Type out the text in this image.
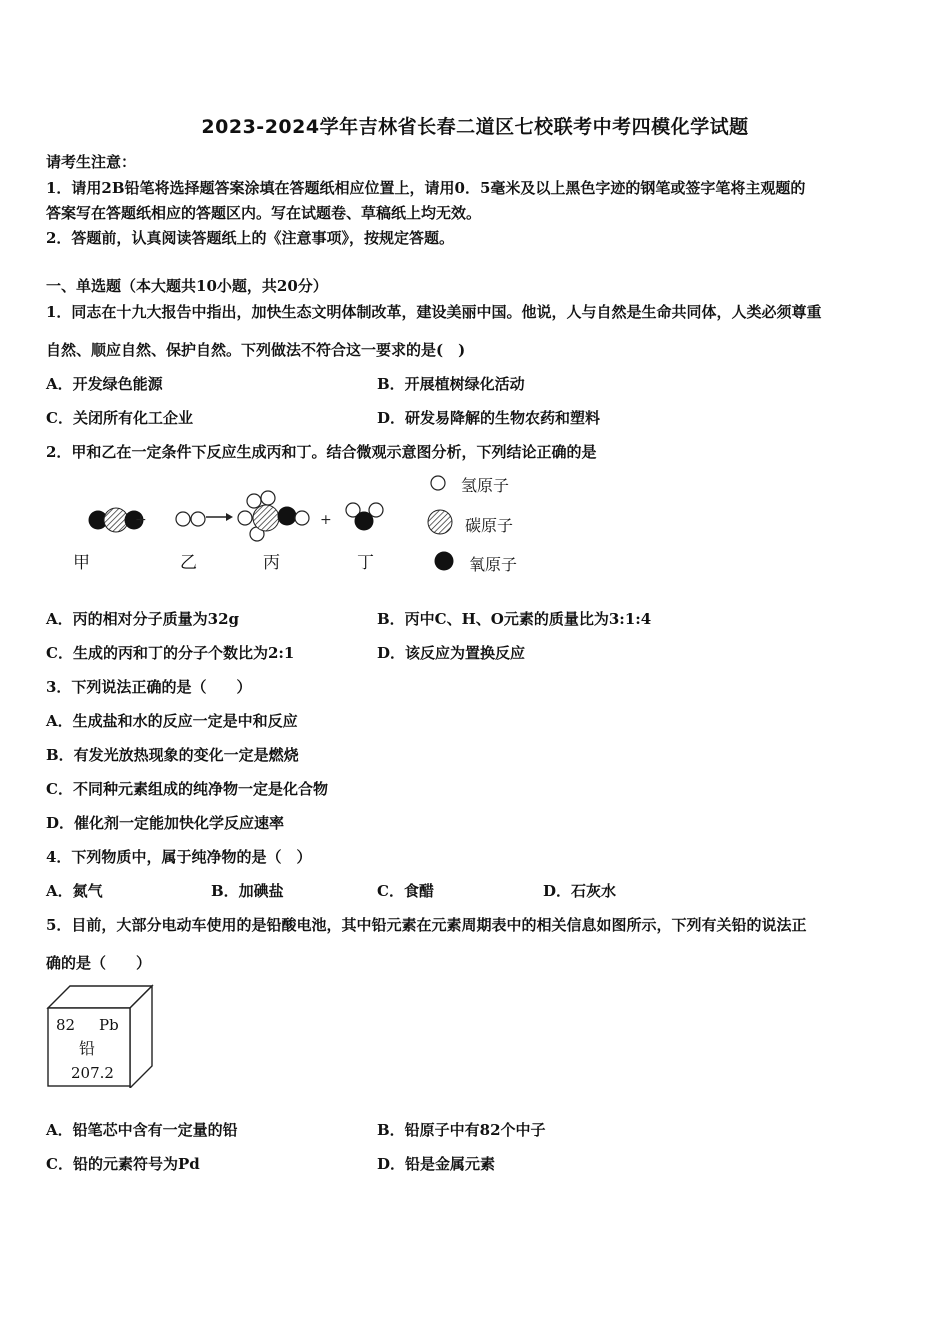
2023-2024学年吉林省长春二道区七校联考中考四模化学试题
请考生注意：
1．请用2B铅笔将选择题答案涂填在答题纸相应位置上，请用0．5毫米及以上黑色字迹的钢笔或签字笔将主观题的
答案写在答题纸相应的答题区内。写在试题卷、草稿纸上均无效。
2．答题前，认真阅读答题纸上的《注意事项》，按规定答题。
一、单选题（本大题共10小题，共20分）
1．同志在十九大报告中指出，加快生态文明体制改革，建设美丽中国。他说，人与自然是生命共同体，人类必须尊重
自然、顺应自然、保护自然。下列做法不符合这一要求的是(　)
A．开发绿色能源	B．开展植树绿化活动
C．关闭所有化工企业	D．研发易降解的生物农药和塑料
2．甲和乙在一定条件下反应生成丙和丁。结合微观示意图分析，下列结论正确的是
+	+
甲	乙	丙	丁
氢原子
碳原子
氧原子
A．丙的相对分子质量为32g	B．丙中C、H、O元素的质量比为3:1:4
C．生成的丙和丁的分子个数比为2:1	D．该反应为置换反应
3．下列说法正确的是（　　）
A．生成盐和水的反应一定是中和反应
B．有发光放热现象的变化一定是燃烧
C．不同种元素组成的纯净物一定是化合物
D．催化剂一定能加快化学反应速率
4．下列物质中，属于纯净物的是（　）
A．氮气	B．加碘盐	C．食醋	D．石灰水
5．目前，大部分电动车使用的是铅酸电池，其中铅元素在元素周期表中的相关信息如图所示，下列有关铅的说法正
确的是（　　）
82 Pb
铅
207.2
A．铅笔芯中含有一定量的铅	B．铅原子中有82个中子
C．铅的元素符号为Pd	D．铅是金属元素
